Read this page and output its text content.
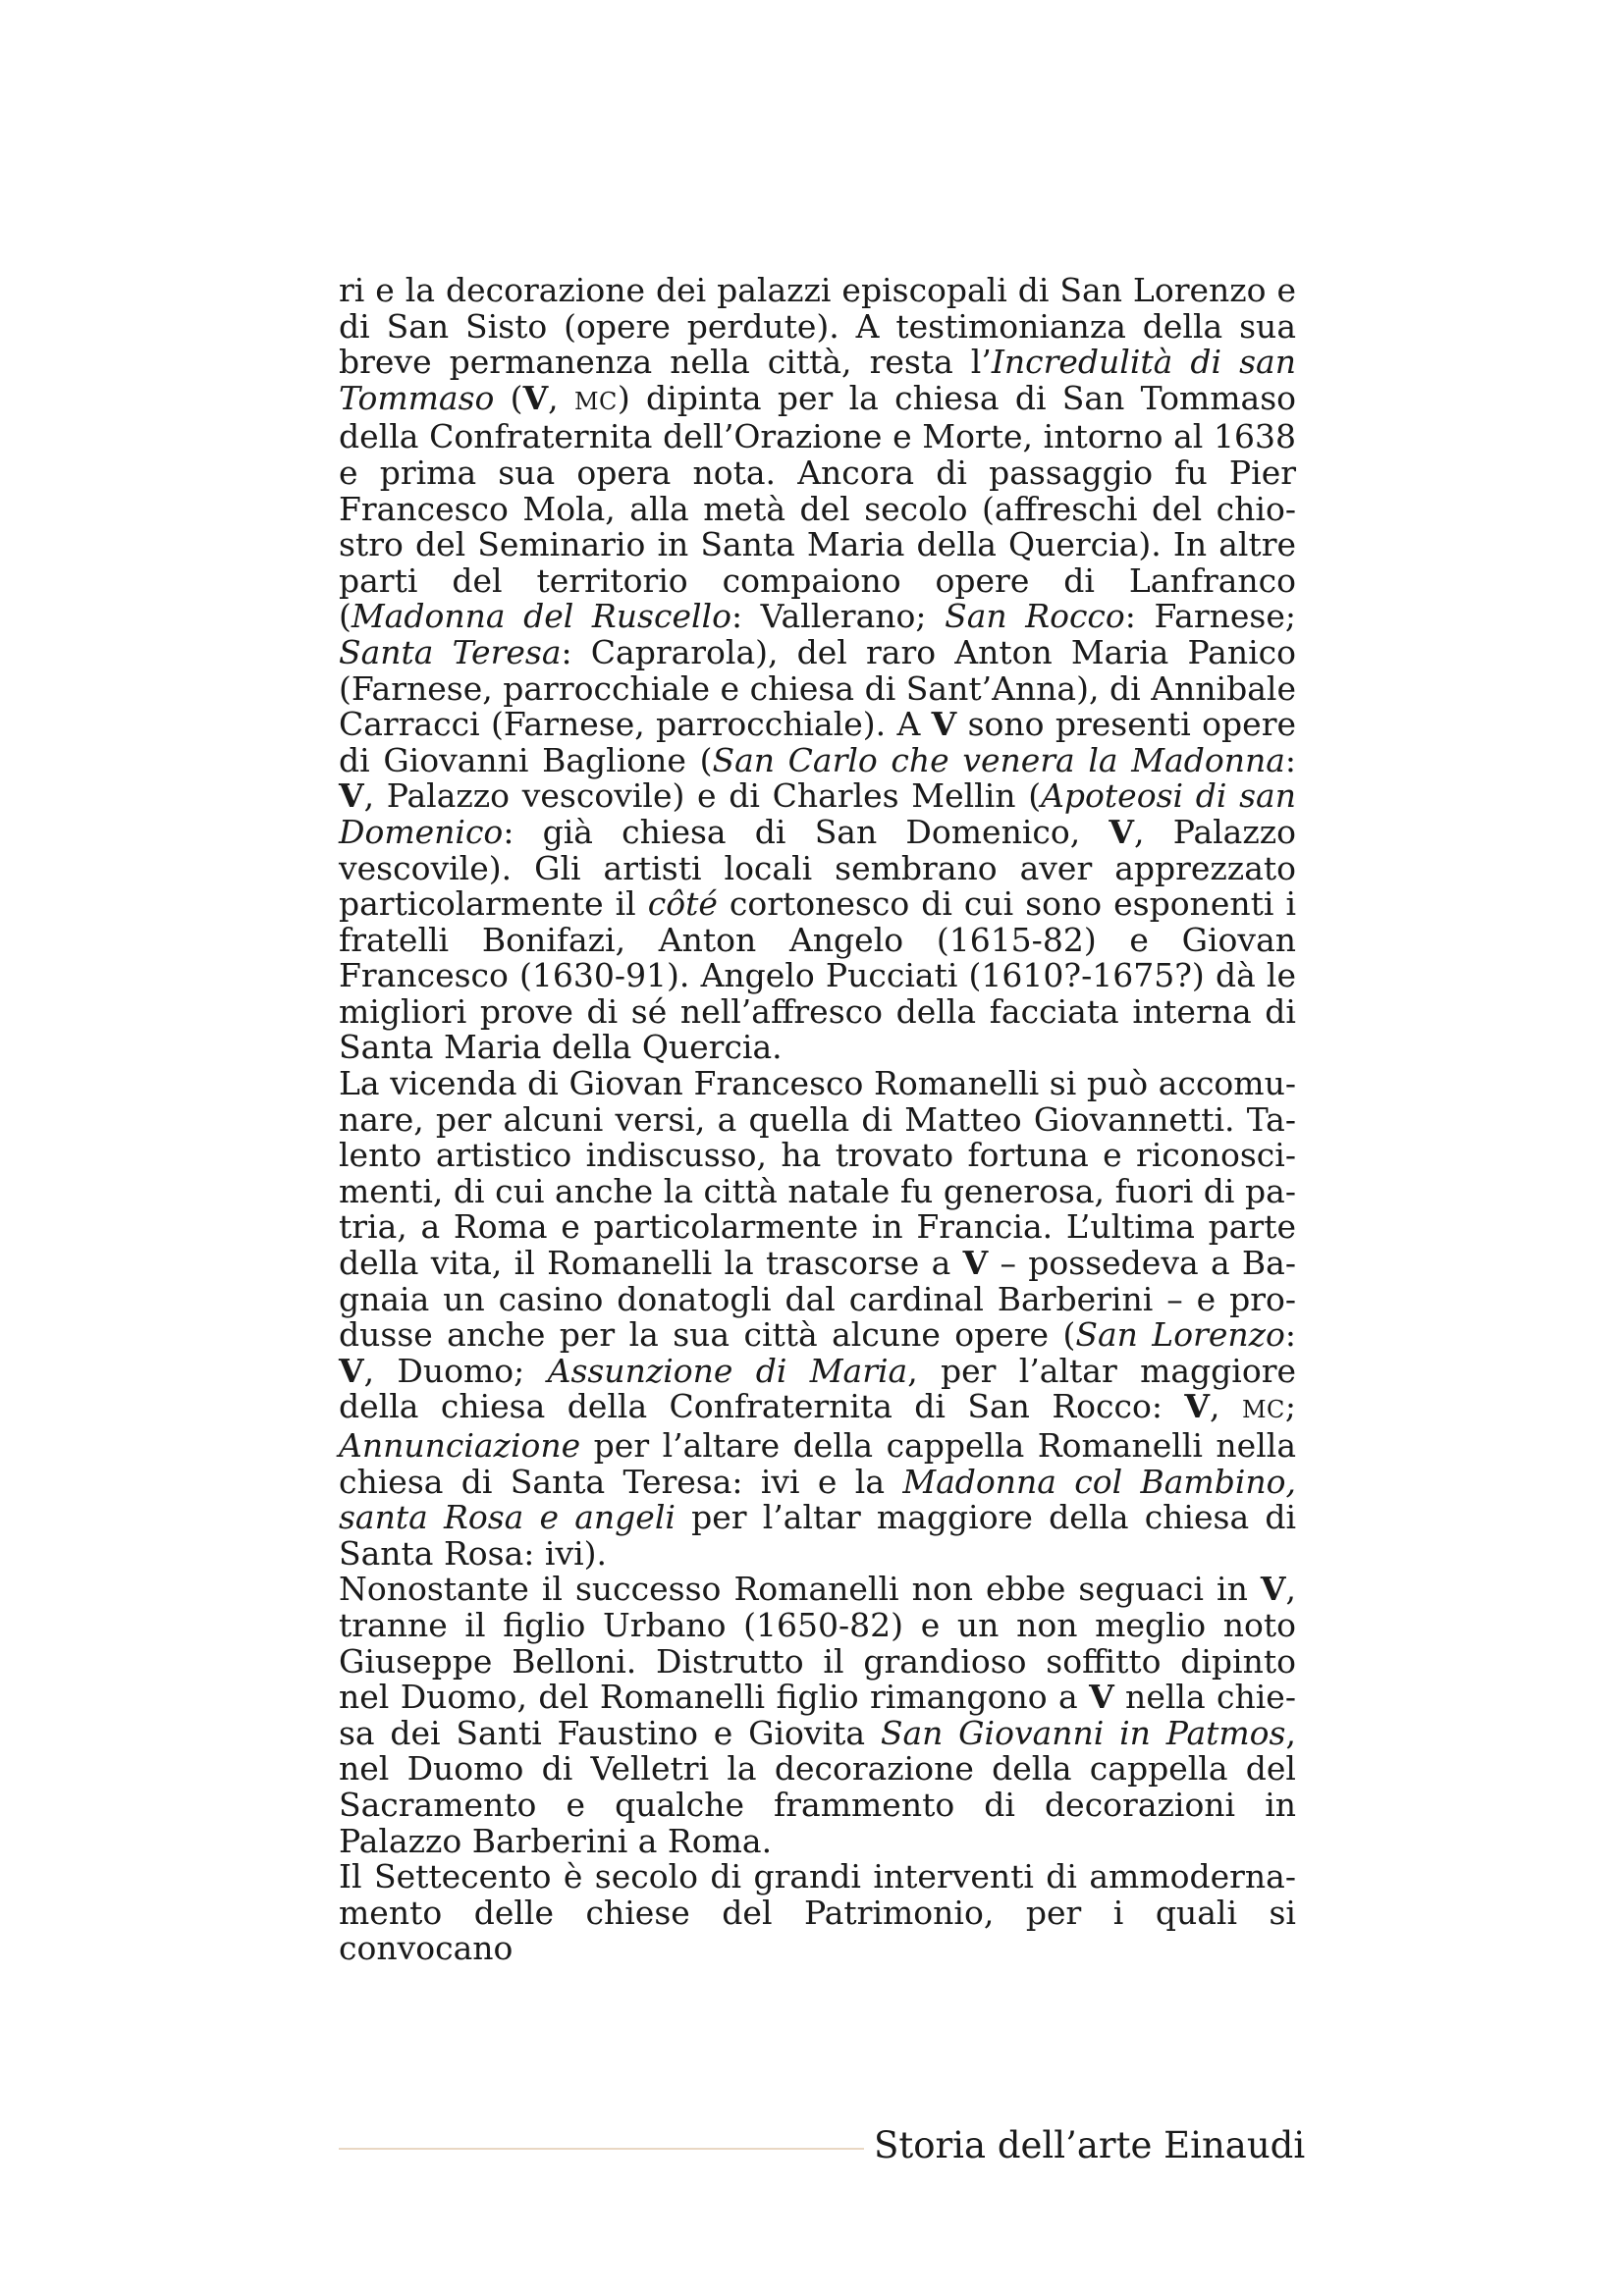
ri e la decorazione dei palazzi episcopali di San Lorenzo e di San Sisto (opere perdute). A testimonianza della sua breve permanenza nella città, resta l’Incredulità di san Tommaso (V, MC) dipinta per la chiesa di San Tommaso della Confraternita dell’Orazione e Morte, intorno al 1638 e prima sua opera nota. Ancora di passaggio fu Pier Francesco Mola, alla metà del secolo (affreschi del chiostro del Seminario in Santa Maria della Quercia). In altre parti del territorio compaiono opere di Lanfranco (Madonna del Ruscello: Vallerano; San Rocco: Farnese; Santa Teresa: Caprarola), del raro Anton Maria Panico (Farnese, parrocchiale e chiesa di Sant’Anna), di Annibale Carracci (Farnese, parrocchiale). A V sono presenti opere di Giovanni Baglione (San Carlo che venera la Madonna: V, Palazzo vescovile) e di Charles Mellin (Apoteosi di san Domenico: già chiesa di San Domenico, V, Palazzo vescovile). Gli artisti locali sembrano aver apprezzato particolarmente il côté cortonesco di cui sono esponenti i fratelli Bonifazi, Anton Angelo (1615-82) e Giovan Francesco (1630-91). Angelo Pucciati (1610?-1675?) dà le migliori prove di sé nell’affresco della facciata interna di Santa Maria della Quercia.

La vicenda di Giovan Francesco Romanelli si può accomunare, per alcuni versi, a quella di Matteo Giovannetti. Talento artistico indiscusso, ha trovato fortuna e riconoscimenti, di cui anche la città natale fu generosa, fuori di patria, a Roma e particolarmente in Francia. L’ultima parte della vita, il Romanelli la trascorse a V – possedeva a Bagnaia un casino donatogli dal cardinal Barberini – e produsse anche per la sua città alcune opere (San Lorenzo: V, Duomo; Assunzione di Maria, per l’altar maggiore della chiesa della Confraternita di San Rocco: V, MC; Annunciazione per l’altare della cappella Romanelli nella chiesa di Santa Teresa: ivi e la Madonna col Bambino, santa Rosa e angeli per l’altar maggiore della chiesa di Santa Rosa: ivi).

Nonostante il successo Romanelli non ebbe seguaci in V, tranne il figlio Urbano (1650-82) e un non meglio noto Giuseppe Belloni. Distrutto il grandioso soffitto dipinto nel Duomo, del Romanelli figlio rimangono a V nella chiesa dei Santi Faustino e Giovita San Giovanni in Patmos, nel Duomo di Velletri la decorazione della cappella del Sacramento e qualche frammento di decorazioni in Palazzo Barberini a Roma.

Il Settecento è secolo di grandi interventi di ammodernamento delle chiese del Patrimonio, per i quali si convocano

Storia dell’arte Einaudi
